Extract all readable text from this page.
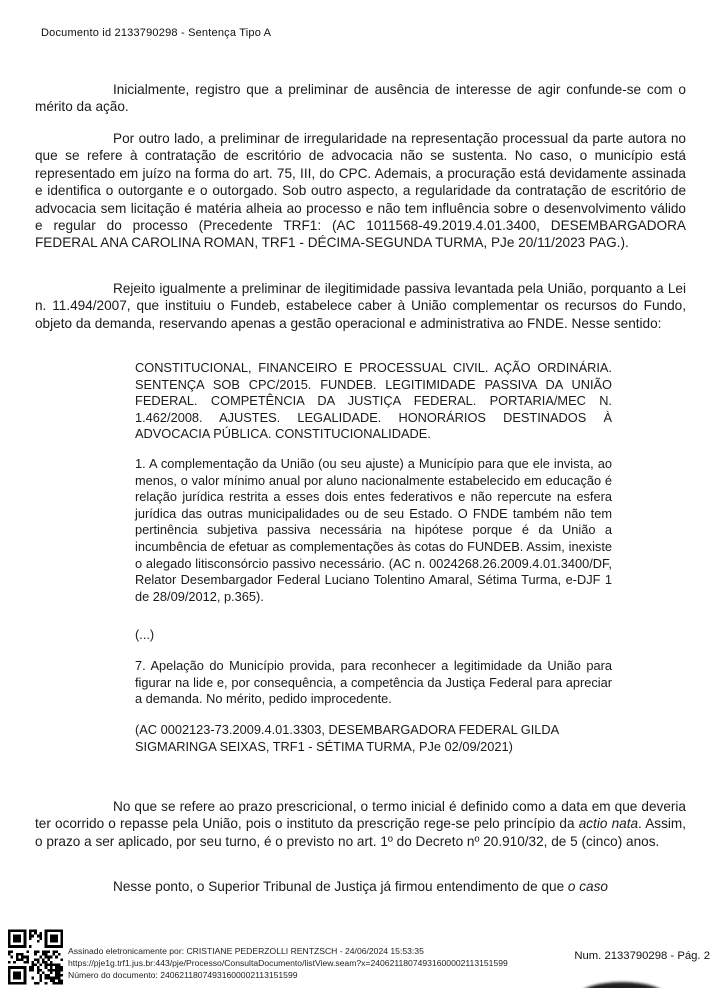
Documento id 2133790298 - Sentença Tipo A

Inicialmente, registro que a preliminar de ausência de interesse de agir confunde-se com o mérito da ação.

Por outro lado, a preliminar de irregularidade na representação processual da parte autora no que se refere à contratação de escritório de advocacia não se sustenta. No caso, o município está representado em juízo na forma do art. 75, III, do CPC. Ademais, a procuração está devidamente assinada e identifica o outorgante e o outorgado. Sob outro aspecto, a regularidade da contratação de escritório de advocacia sem licitação é matéria alheia ao processo e não tem influência sobre o desenvolvimento válido e regular do processo (Precedente TRF1: (AC 1011568-49.2019.4.01.3400, DESEMBARGADORA FEDERAL ANA CAROLINA ROMAN, TRF1 - DÉCIMA-SEGUNDA TURMA, PJe 20/11/2023 PAG.).

Rejeito igualmente a preliminar de ilegitimidade passiva levantada pela União, porquanto a Lei n. 11.494/2007, que instituiu o Fundeb, estabelece caber à União complementar os recursos do Fundo, objeto da demanda, reservando apenas a gestão operacional e administrativa ao FNDE. Nesse sentido:

CONSTITUCIONAL, FINANCEIRO E PROCESSUAL CIVIL. AÇÃO ORDINÁRIA. SENTENÇA SOB CPC/2015. FUNDEB. LEGITIMIDADE PASSIVA DA UNIÃO FEDERAL. COMPETÊNCIA DA JUSTIÇA FEDERAL. PORTARIA/MEC N. 1.462/2008. AJUSTES. LEGALIDADE. HONORÁRIOS DESTINADOS À ADVOCACIA PÚBLICA. CONSTITUCIONALIDADE.

1. A complementação da União (ou seu ajuste) a Município para que ele invista, ao menos, o valor mínimo anual por aluno nacionalmente estabelecido em educação é relação jurídica restrita a esses dois entes federativos e não repercute na esfera jurídica das outras municipalidades ou de seu Estado. O FNDE também não tem pertinência subjetiva passiva necessária na hipótese porque é da União a incumbência de efetuar as complementações às cotas do FUNDEB. Assim, inexiste o alegado litisconsórcio passivo necessário. (AC n. 0024268.26.2009.4.01.3400/DF, Relator Desembargador Federal Luciano Tolentino Amaral, Sétima Turma, e-DJF 1 de 28/09/2012, p.365).

(...)

7. Apelação do Município provida, para reconhecer a legitimidade da União para figurar na lide e, por consequência, a competência da Justiça Federal para apreciar a demanda. No mérito, pedido improcedente.

(AC 0002123-73.2009.4.01.3303, DESEMBARGADORA FEDERAL GILDA SIGMARINGA SEIXAS, TRF1 - SÉTIMA TURMA, PJe 02/09/2021)

No que se refere ao prazo prescricional, o termo inicial é definido como a data em que deveria ter ocorrido o repasse pela União, pois o instituto da prescrição rege-se pelo princípio da actio nata. Assim, o prazo a ser aplicado, por seu turno, é o previsto no art. 1º do Decreto nº 20.910/32, de 5 (cinco) anos.

Nesse ponto, o Superior Tribunal de Justiça já firmou entendimento de que o caso

Assinado eletronicamente por: CRISTIANE PEDERZOLLI RENTZSCH - 24/06/2024 15:53:35
https://pje1g.trf1.jus.br:443/pje/Processo/ConsultaDocumento/listView.seam?x=24062118074931600002113151599
Número do documento: 24062118074931600002113151599
Num. 2133790298 - Pág. 2
